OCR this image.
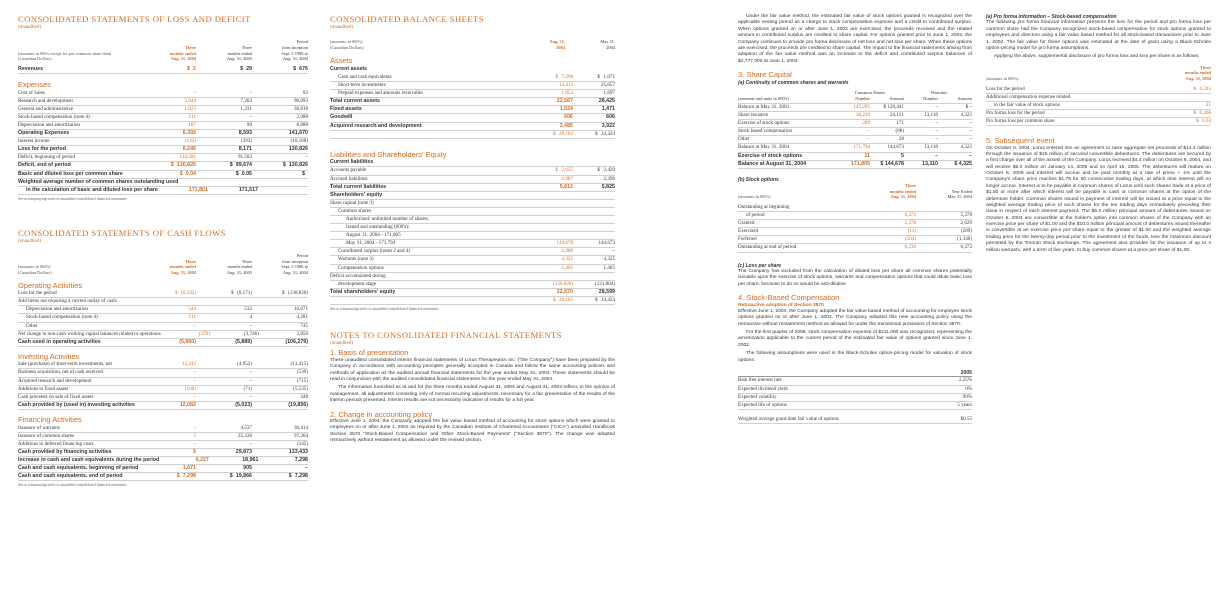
CONSOLIDATED STATEMENTS OF LOSS AND DEFICIT
(unaudited)
(amounts in 000's except for per common share data)
(Canadian Dollars)
Three
months ended
Aug. 31, 2004
Three
months ended
Aug. 31, 2003
Period
from inception
Sept. 5 1986 to
Aug. 31, 2004
Revenues	$ 2	$ 29	$ 676
Expenses
Cost of Sales	–	–	83
Research and development	5,049	7,263	90,893
General and administrative	1,025	1,231	38,818
Stock-based compensation (note 4)	211	–	2,988
Depreciation and amortization	107	99	8,888
Operating Expenses	6,392	8,593	141,670
Interest income	(145)	(393)	(10,168)
Loss for the period	6,245	8,171	130,826
Deficit, beginning of period	124,581	91,503	–
Deficit, end of period	$ 130,826	$ 99,674	$ 130,826
Basic and diluted loss per common share	$ 0.04	$ 0.05	$
Weighted average number of common shares outstanding used
in the calculation of basic and diluted loss per share	171,801	171,517
See accompanying notes to unaudited consolidated financial statements
CONSOLIDATED STATEMENTS OF CASH FLOWS
(unaudited)
(amounts in 000's)
(Canadian Dollars)
Three
months ended
Aug. 31, 2004
Three
months ended
Aug. 31, 2003
Period
from inception
Sept. 5 1986 to
Aug. 31, 2004
Operating Activities
Loss for the period	$ (6,245)	$ (8,171)	$ (130,826)
Add items not requiring a current outlay of cash:
Depreciation and amortization	544	532	16,671
Stock-based compensation (note 4)	211	4	4,281
Other	–	–	745
Net change in non-cash working capital balances related to operations	(370)	(3,746)	2,850
Cash used in operating activities	(5,860)	(5,889)	(106,279)
Investing Activities
Sale (purchase) of short-term investments, net	12,242	(4,952)	(13,415)
Business acquisition, net of cash received	–	–	(539)
Acquired research and development	–	–	(715)
Additions to fixed assets	(160)	(71)	(5,535)
Cash proceeds on sale of fixed assets	–	–	348
Cash provided by (used in) investing activities	12,082	(5,023)	(19,856)
Financing Activities
Issuance of warrants	–	4,537	36,414
Issuance of common shares	5	25,336	97,264
Additions to deferred financing costs	–	–	(245)
Cash provided by financing activities	5	29,873	133,433
Increase in cash and cash equivalents during the period	6,227	18,961	7,298
Cash and cash equivalents, beginning of period	1,071	905	–
Cash and cash equivalents, end of period	$ 7,298	$ 19,866	$ 7,298
See accompanying notes to unaudited consolidated financial statements
CONSOLIDATED BALANCE SHEETS
(unaudited)
(amounts in 000's)
(Canadian Dollars)
Aug. 31,
2004
May 31,
2004
Assets
Current assets
Cash and cash equivalents	$ 7,298	$ 1,071
Short-term investments	13,415	25,657
Prepaid expenses and amounts receivable	1,854	1,697
Total current assets	22,567	28,425
Fixed assets	1,524	1,471
Goodwill	606	606
Acquired research and development	3,485	3,922
$ 28,182	$ 34,424
Liabilities and Shareholders' Equity
Current liabilities
Accounts payable	$ 2,625	$ 2,429
Accrued liabilities	2,987	3,396
Total current liabilities	5,612	5,825
Shareholders' equity
Share capital (note 3)
Common shares
Authorized: unlimited number of shares;
Issued and outstanding (000's):
August 31, 2004 - 171,805
May 31, 2004 - 171,794	144,678	144,673
Contributed surplus (notes 2 and 4)	2,988	–
Warrants (note 3)	4,325	4,325
Compensation options	1,405	1,405
Deficit accumulated during
development stage	(130,826)	(121,804)
Total shareholders' equity	22,570	28,599
$ 28,182	$ 34,424
See accompanying notes to unaudited consolidated financial statements
NOTES TO CONSOLIDATED FINANCIAL STATEMENTS
(unaudited)
1. Basis of presentation

These unaudited consolidated interim financial statements of Lorus Therapeutics Inc. ("the Company") have been prepared by the Company in accordance with accounting principles generally accepted in Canada and follow the same accounting policies and methods of application as the audited annual financial statements for the year ended May 31, 2004. These statements should be read in conjunction with the audited consolidated financial statements for the year ended May 31, 2004.

The information furnished as at and for the three months ended August 31, 2004 and August 31, 2003 reflect, in the opinion of management, all adjustments consisting only of normal recurring adjustments, necessary for a fair presentation of the results of the interim periods presented. Interim results are not necessarily indicative of results for a full year.

2. Change in accounting policy

Effective June 1, 2004, the Company adopted the fair value based method of accounting for stock options which were granted to employees on or after June 1, 2002 as required by the Canadian Institute of Chartered Accountants ("CICA") amended Handbook Section 3870 "Stock-Based Compensation and Other Stock-Based Payments" ("Section 3870"). The change was adopted retroactively without restatement as allowed under the revised section.

Under the fair value method, the estimated fair value of stock options granted is recognized over the applicable vesting period as a charge to stock compensation expense and a credit to contributed surplus. When options granted on or after June 1, 2002 are exercised, the proceeds received and the related amount in contributed surplus are credited to share capital. For options granted prior to June 1, 2002, the Company continues to provide pro forma disclosure of net loss and net loss per share. When these options are exercised, the proceeds are credited to share capital. The impact to the financial statements arising from adoption of the fair value method was an increase to the deficit and contributed surplus balances of $2,777,000 at June 1, 2004.

3. Share Capital
(a) Continuity of common shares and warrants
Common Shares	Warrants
(amounts and units in 000's)	Number	Amount	Number	Amount
Balance at May 31, 2003	145,285	$ 120,441	–	$ –
Share issuance	26,220	24,121	13,110	4,325
Exercise of stock options	289	171	–	–
Stock based compensation	–	(88)	–	–
Other	–	28	–	–
Balance at May 31, 2004	171,794	144,673	13,110	4,325
Exercise of stock options	11	5	–	–
Balance at August 31, 2004	171,805	$ 144,678	13,110	$ 4,325
(b) Stock options
(amounts in 000's)
Three
months ended
Aug. 31, 2004
Year Ended
May 31, 2004
Outstanding at beginning
of period	6,372	5,378
Granted	2,378	2,629
Exercised	(11)	(289)
Forfeited	(503)	(1,346)
Outstanding at end of period	8,236	6,372
(c) Loss per share

The Company has excluded from the calculation of diluted loss per share all common shares potentially issuable upon the exercise of stock options, warrants and compensation options that could dilute basic loss per share, because to do so would be anti-dilutive.

4. Stock-Based Compensation
Retroactive adoption of Section 3870

Effective June 1, 2004, the Company adopted the fair value based method of accounting for employee stock options granted on or after June 1, 2002. The Company adopted this new accounting policy using the retroactive without restatement method as allowed for under the transitional provisions of Section 3870.

For the first quarter of 2005, stock compensation expense of $211,000 was recognized, representing the amortization applicable to the current period of the estimated fair value of options granted since June 1, 2002.

The following assumptions were used in the Black-Scholes option-pricing model for valuation of stock options:

2005
Risk free interest rate	2.25%
Expected dividend yield	0%
Expected volatility	90%
Expected life of options	5 years
Weighted average grant-date fair value of options	$0.55
(a) Pro forma information – Stock-based compensation

The following pro forma financial information presents the loss for the period and pro forma loss per common share had the Company recognized stock-based compensation for stock options granted to employees and directors using a fair value based method for all stock-based transactions prior to June 1, 2002. The fair value for these options was estimated at the date of grant using a Black-Scholes option-pricing model for pro forma assumptions.

Applying the above, supplemental disclosure of pro forma loss and loss per share is as follows:

(amounts in 000's)
Three
months ended
Aug. 31, 2004
Loss for the period	$ 6,245
Additional compensation expense related
to the fair value of stock options	21
Pro forma loss for the period	$ 6,266
Pro forma loss per common share	$ 0.04
5. Subsequent event

On October 6, 2004, Lorus entered into an agreement to raise aggregate net proceeds of $14.4 million through the issuance of $15 million of secured convertible debentures. The debentures are secured by a first charge over all of the assets of the Company. Lorus received $4.4 million on October 6, 2004, and will receive $5.0 million on January 14, 2005 and on April 15, 2005. The debentures will mature on October 6, 2009 and interest will accrue and be paid monthly at a rate of prime + 1% until the Company's share price reaches $1.75 for 60 consecutive trading days, at which time interest will no longer accrue. Interest is to be payable in common shares of Lorus until such shares trade at a price of $1.00 or more after which interest will be payable in cash or common shares at the option of the debenture holder. Common shares issued in payment of interest will be issued at a price equal to the weighted average trading price of such shares for the ten trading days immediately preceding their issue in respect of each interest payment. The $5.0 million principal amount of debentures issued on October 6, 2004 are convertible at the holder's option into common shares of the Company with an exercise price per share of $1.00 and the $10.0 million principal amount of debentures issued thereafter is convertible at an exercise price per share equal to the greater of $1.00 and the weighted average trading price for the twenty-day period prior to the investment of the funds, less the maximum discount permitted by the Toronto Stock Exchange. The agreement also provides for the issuance of up to 4 million warrants, with a term of five years, to buy common shares at a price per share of $1.00.
